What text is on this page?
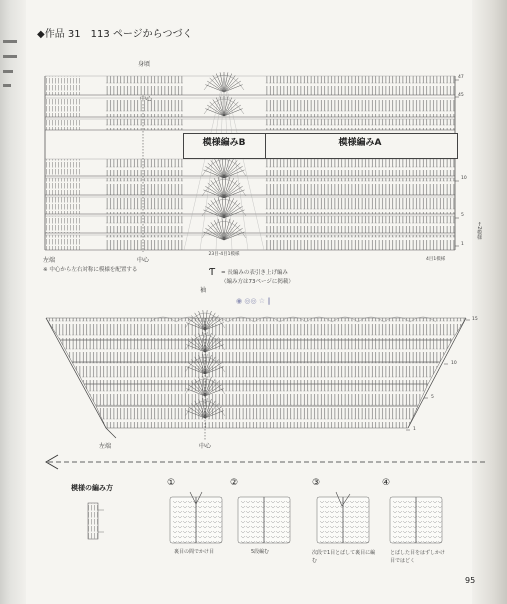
◆作品 31　113 ページからつづく
身頃
中心
模様編みB	模様編みA
47
45
10
5
1
←2模様
左端	中心
23目-4目1模様
4目1模様
※ 中心から左右対称に模様を配置する	Ƭ = 長編みの表引き上げ編み
（編み方は73ページに掲載）
袖
◉ ◎◎ ☆ ‖
15
10
5
1
左端	中心
模様の編み方	①	②	③	④
裏目の間でかけ目	5段編む	次段で1目とばして裏目に編む
とばした目をはずしかけ目ではどく
95
